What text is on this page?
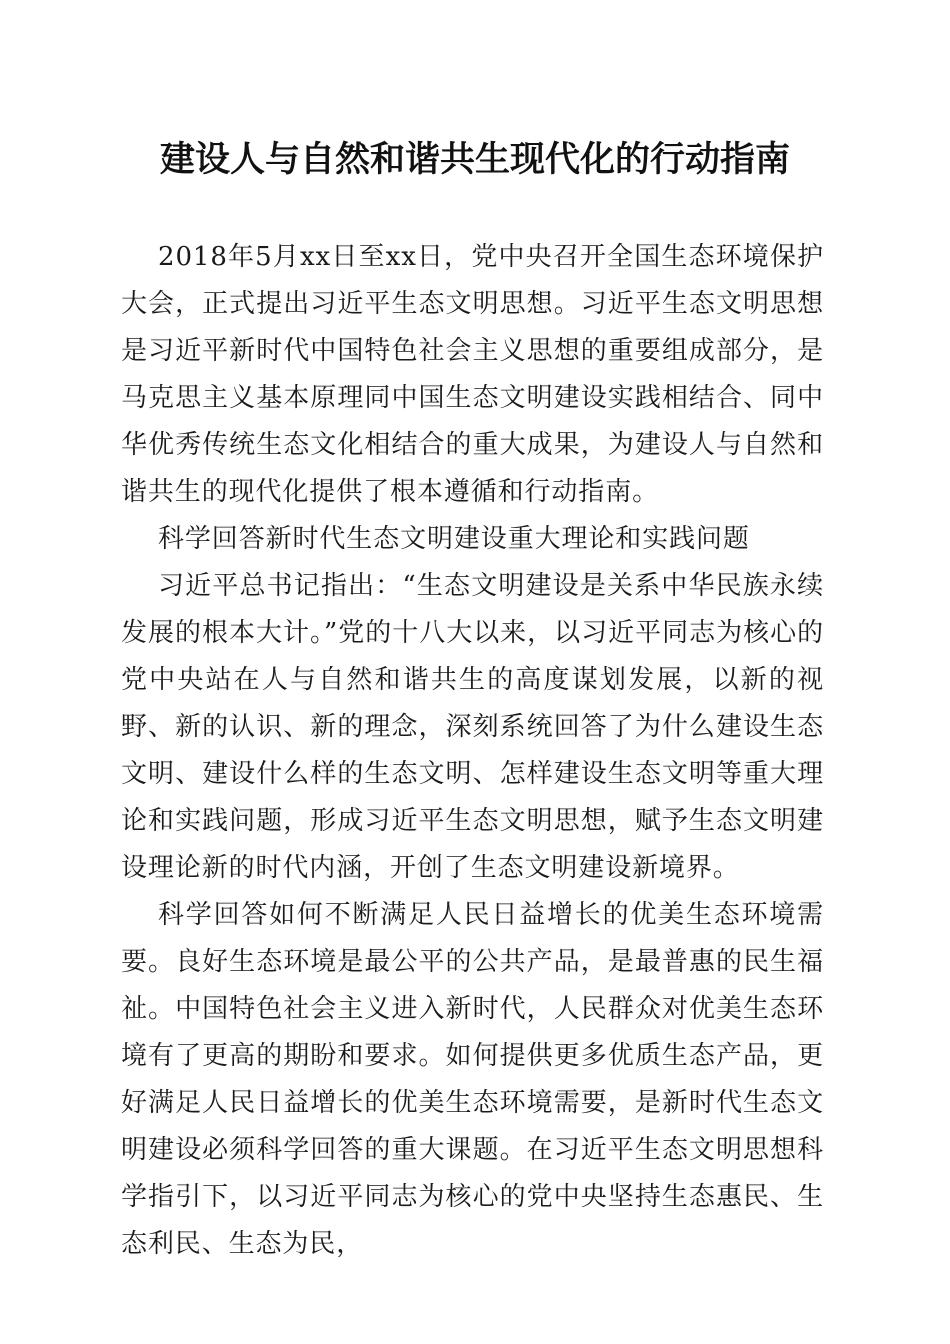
建设人与自然和谐共生现代化的行动指南

2018年5月xx日至xx日，党中央召开全国生态环境保护大会，正式提出习近平生态文明思想。习近平生态文明思想是习近平新时代中国特色社会主义思想的重要组成部分，是马克思主义基本原理同中国生态文明建设实践相结合、同中华优秀传统生态文化相结合的重大成果，为建设人与自然和谐共生的现代化提供了根本遵循和行动指南。

科学回答新时代生态文明建设重大理论和实践问题

习近平总书记指出：“生态文明建设是关系中华民族永续发展的根本大计。”党的十八大以来，以习近平同志为核心的党中央站在人与自然和谐共生的高度谋划发展，以新的视野、新的认识、新的理念，深刻系统回答了为什么建设生态文明、建设什么样的生态文明、怎样建设生态文明等重大理论和实践问题，形成习近平生态文明思想，赋予生态文明建设理论新的时代内涵，开创了生态文明建设新境界。

科学回答如何不断满足人民日益增长的优美生态环境需要。良好生态环境是最公平的公共产品，是最普惠的民生福祉。中国特色社会主义进入新时代，人民群众对优美生态环境有了更高的期盼和要求。如何提供更多优质生态产品，更好满足人民日益增长的优美生态环境需要，是新时代生态文明建设必须科学回答的重大课题。在习近平生态文明思想科学指引下，以习近平同志为核心的党中央坚持生态惠民、生态利民、生态为民，
